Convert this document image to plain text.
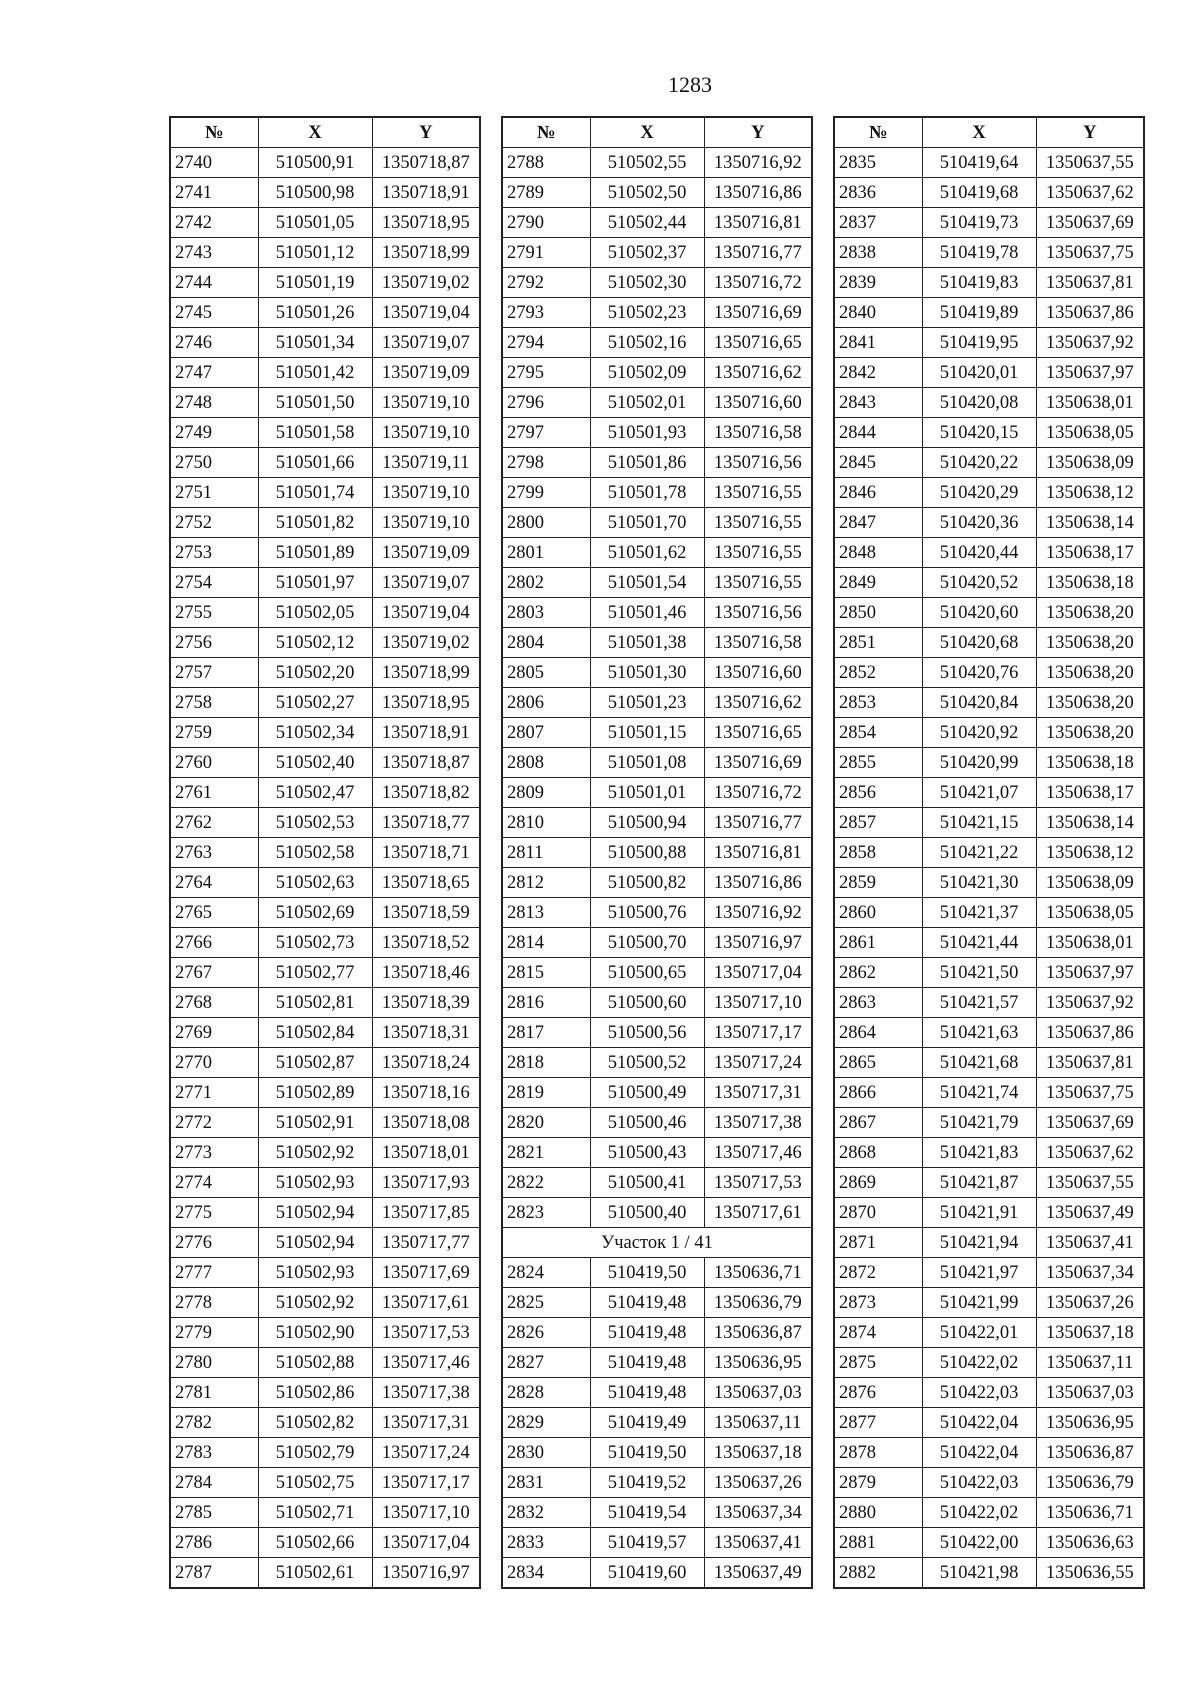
1283
№	X	Y
2740	510500,91	1350718,87
2741	510500,98	1350718,91
2742	510501,05	1350718,95
2743	510501,12	1350718,99
2744	510501,19	1350719,02
2745	510501,26	1350719,04
2746	510501,34	1350719,07
2747	510501,42	1350719,09
2748	510501,50	1350719,10
2749	510501,58	1350719,10
2750	510501,66	1350719,11
2751	510501,74	1350719,10
2752	510501,82	1350719,10
2753	510501,89	1350719,09
2754	510501,97	1350719,07
2755	510502,05	1350719,04
2756	510502,12	1350719,02
2757	510502,20	1350718,99
2758	510502,27	1350718,95
2759	510502,34	1350718,91
2760	510502,40	1350718,87
2761	510502,47	1350718,82
2762	510502,53	1350718,77
2763	510502,58	1350718,71
2764	510502,63	1350718,65
2765	510502,69	1350718,59
2766	510502,73	1350718,52
2767	510502,77	1350718,46
2768	510502,81	1350718,39
2769	510502,84	1350718,31
2770	510502,87	1350718,24
2771	510502,89	1350718,16
2772	510502,91	1350718,08
2773	510502,92	1350718,01
2774	510502,93	1350717,93
2775	510502,94	1350717,85
2776	510502,94	1350717,77
2777	510502,93	1350717,69
2778	510502,92	1350717,61
2779	510502,90	1350717,53
2780	510502,88	1350717,46
2781	510502,86	1350717,38
2782	510502,82	1350717,31
2783	510502,79	1350717,24
2784	510502,75	1350717,17
2785	510502,71	1350717,10
2786	510502,66	1350717,04
2787	510502,61	1350716,97
№	X	Y
2788	510502,55	1350716,92
2789	510502,50	1350716,86
2790	510502,44	1350716,81
2791	510502,37	1350716,77
2792	510502,30	1350716,72
2793	510502,23	1350716,69
2794	510502,16	1350716,65
2795	510502,09	1350716,62
2796	510502,01	1350716,60
2797	510501,93	1350716,58
2798	510501,86	1350716,56
2799	510501,78	1350716,55
2800	510501,70	1350716,55
2801	510501,62	1350716,55
2802	510501,54	1350716,55
2803	510501,46	1350716,56
2804	510501,38	1350716,58
2805	510501,30	1350716,60
2806	510501,23	1350716,62
2807	510501,15	1350716,65
2808	510501,08	1350716,69
2809	510501,01	1350716,72
2810	510500,94	1350716,77
2811	510500,88	1350716,81
2812	510500,82	1350716,86
2813	510500,76	1350716,92
2814	510500,70	1350716,97
2815	510500,65	1350717,04
2816	510500,60	1350717,10
2817	510500,56	1350717,17
2818	510500,52	1350717,24
2819	510500,49	1350717,31
2820	510500,46	1350717,38
2821	510500,43	1350717,46
2822	510500,41	1350717,53
2823	510500,40	1350717,61
Участок 1 / 41		
2824	510419,50	1350636,71
2825	510419,48	1350636,79
2826	510419,48	1350636,87
2827	510419,48	1350636,95
2828	510419,48	1350637,03
2829	510419,49	1350637,11
2830	510419,50	1350637,18
2831	510419,52	1350637,26
2832	510419,54	1350637,34
2833	510419,57	1350637,41
2834	510419,60	1350637,49
№	X	Y
2835	510419,64	1350637,55
2836	510419,68	1350637,62
2837	510419,73	1350637,69
2838	510419,78	1350637,75
2839	510419,83	1350637,81
2840	510419,89	1350637,86
2841	510419,95	1350637,92
2842	510420,01	1350637,97
2843	510420,08	1350638,01
2844	510420,15	1350638,05
2845	510420,22	1350638,09
2846	510420,29	1350638,12
2847	510420,36	1350638,14
2848	510420,44	1350638,17
2849	510420,52	1350638,18
2850	510420,60	1350638,20
2851	510420,68	1350638,20
2852	510420,76	1350638,20
2853	510420,84	1350638,20
2854	510420,92	1350638,20
2855	510420,99	1350638,18
2856	510421,07	1350638,17
2857	510421,15	1350638,14
2858	510421,22	1350638,12
2859	510421,30	1350638,09
2860	510421,37	1350638,05
2861	510421,44	1350638,01
2862	510421,50	1350637,97
2863	510421,57	1350637,92
2864	510421,63	1350637,86
2865	510421,68	1350637,81
2866	510421,74	1350637,75
2867	510421,79	1350637,69
2868	510421,83	1350637,62
2869	510421,87	1350637,55
2870	510421,91	1350637,49
2871	510421,94	1350637,41
2872	510421,97	1350637,34
2873	510421,99	1350637,26
2874	510422,01	1350637,18
2875	510422,02	1350637,11
2876	510422,03	1350637,03
2877	510422,04	1350636,95
2878	510422,04	1350636,87
2879	510422,03	1350636,79
2880	510422,02	1350636,71
2881	510422,00	1350636,63
2882	510421,98	1350636,55
